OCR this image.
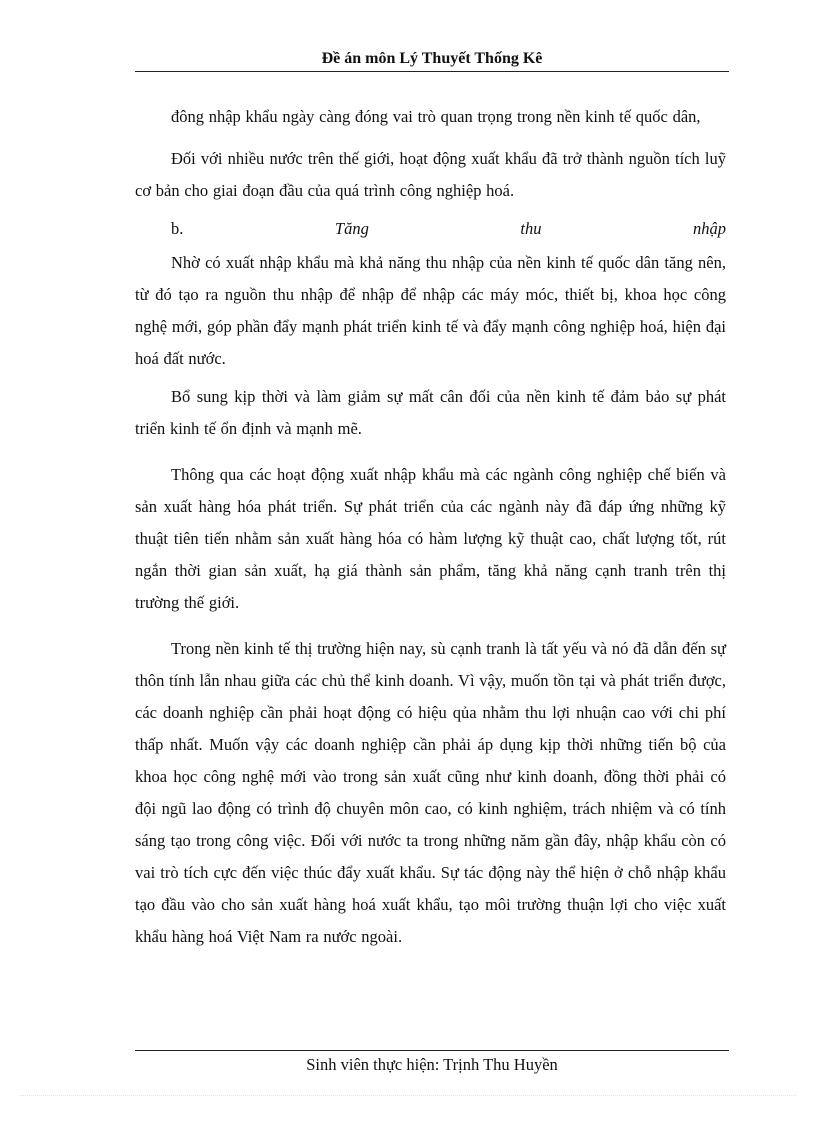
Đề án môn Lý Thuyết Thống Kê

đông nhập khẩu ngày càng đóng vai trò quan trọng trong nền kinh tế quốc dân,

Đối với nhiều nước trên thế giới, hoạt động xuất khẩu đã trở thành nguồn tích luỹ cơ bản cho giai đoạn đầu của quá trình công nghiệp hoá.

b.	Tăng	thu	nhập

Nhờ có xuất nhập khẩu mà khả năng thu nhập của nền kinh tế quốc dân tăng nên, từ đó tạo ra nguồn thu nhập để nhập để nhập các máy móc, thiết bị, khoa học công nghệ mới, góp phần đẩy mạnh phát triển kinh tế và đẩy mạnh công nghiệp hoá, hiện đại hoá đất nước.

Bổ sung kịp thời và làm giảm sự mất cân đối của nền kinh tế đảm bảo sự phát triển kinh tế ổn định và mạnh mẽ.

Thông qua các hoạt động xuất nhập khẩu mà các ngành công nghiệp chế biến và sản xuất hàng hóa phát triển. Sự phát triển của các ngành này đã đáp ứng những kỹ thuật tiên tiến nhằm sản xuất hàng hóa có hàm lượng kỹ thuật cao, chất lượng tốt, rút ngắn thời gian sản xuất, hạ giá thành sản phẩm, tăng khả năng cạnh tranh trên thị trường thế giới.

Trong nền kinh tế thị trường hiện nay, sù cạnh tranh là tất yếu và nó đã dẫn đến sự thôn tính lẫn nhau giữa các chủ thể kinh doanh. Vì vậy, muốn tồn tại và phát triển được, các doanh nghiệp cần phải hoạt động có hiệu qủa nhằm thu lợi nhuận cao với chi phí thấp nhất. Muốn vậy các doanh nghiệp cần phải áp dụng kịp thời những tiến bộ của khoa học công nghệ mới vào trong sản xuất cũng như kinh doanh, đồng thời phải có đội ngũ lao động có trình độ chuyên môn cao, có kinh nghiệm, trách nhiệm và có tính sáng tạo trong công việc. Đối với nước ta trong những năm gần đây, nhập khẩu còn có vai trò tích cực đến việc thúc đẩy xuất khẩu. Sự tác động này thể hiện ở chỗ nhập khẩu tạo đầu vào cho sản xuất hàng hoá xuất khẩu, tạo môi trường thuận lợi cho việc xuất khẩu hàng hoá Việt Nam ra nước ngoài.

Sinh viên thực hiện: Trịnh Thu Huyền
